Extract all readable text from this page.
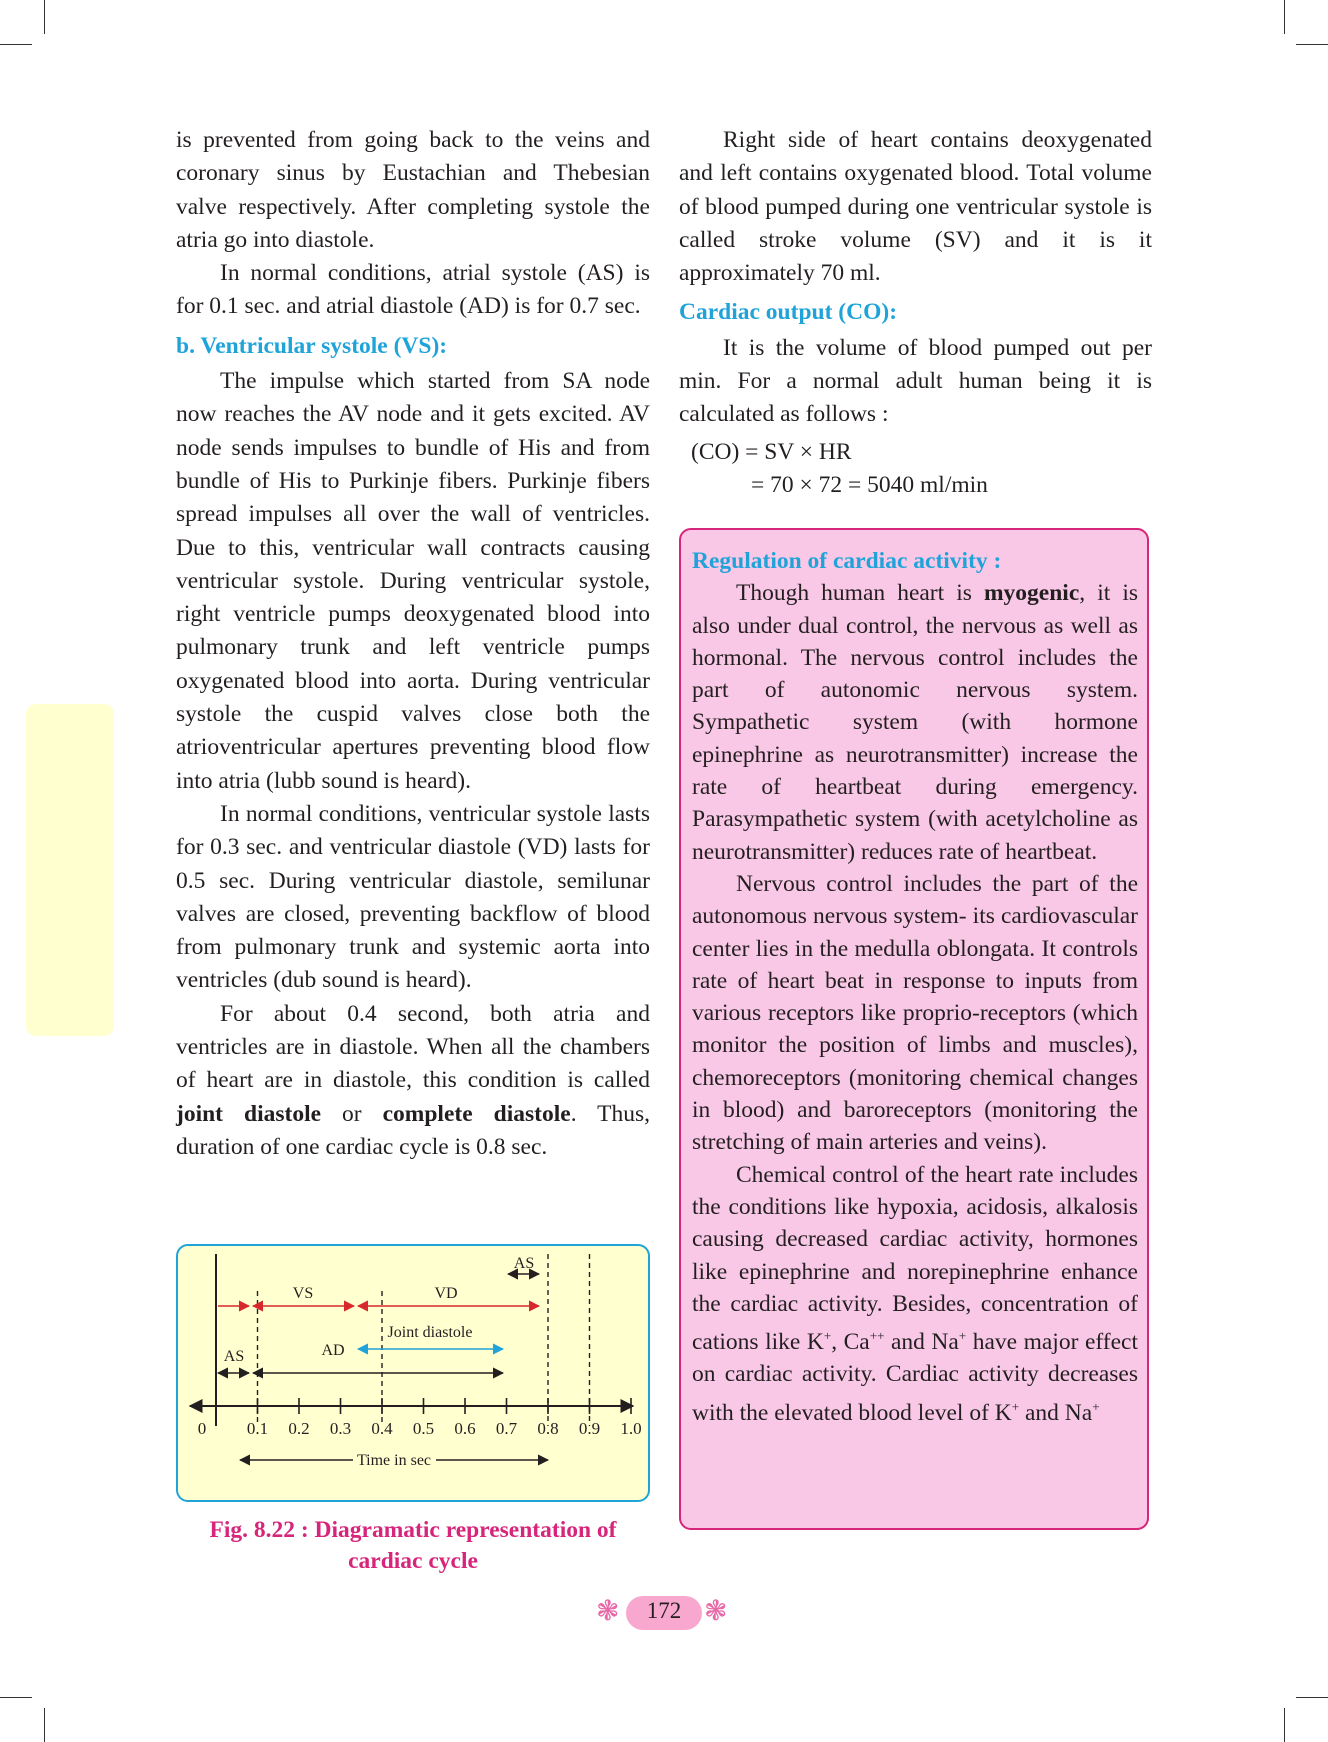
is prevented from going back to the veins and coronary sinus by Eustachian and Thebesian valve respectively. After completing systole the atria go into diastole.

In normal conditions, atrial systole (AS) is for 0.1 sec. and atrial diastole (AD) is for 0.7 sec.

b. Ventricular systole (VS):

The impulse which started from SA node now reaches the AV node and it gets excited. AV node sends impulses to bundle of His and from bundle of His to Purkinje fibers. Purkinje fibers spread impulses all over the wall of ventricles. Due to this, ventricular wall contracts causing ventricular systole. During ventricular systole, right ventricle pumps deoxygenated blood into pulmonary trunk and left ventricle pumps oxygenated blood into aorta. During ventricular systole the cuspid valves close both the atrioventricular apertures preventing blood flow into atria (lubb sound is heard).

In normal conditions, ventricular systole lasts for 0.3 sec. and ventricular diastole (VD) lasts for 0.5 sec. During ventricular diastole, semilunar valves are closed, preventing backflow of blood from pulmonary trunk and systemic aorta into ventricles (dub sound is heard).

For about 0.4 second, both atria and ventricles are in diastole. When all the chambers of heart are in diastole, this condition is called joint diastole or complete diastole. Thus, duration of one cardiac cycle is 0.8 sec.

AS
VS	VD
Joint diastole
AS	AD
0 0.1 0.2 0.3 0.4 0.5 0.6 0.7 0.8 0.9 1.0
Time in sec
Fig. 8.22 : Diagramatic representation of
cardiac cycle

Right side of heart contains deoxygenated and left contains oxygenated blood. Total volume of blood pumped during one ventricular systole is called stroke volume (SV) and it is it approximately 70 ml.

Cardiac output (CO):

It is the volume of blood pumped out per min. For a normal adult human being it is calculated as follows :

(CO) = SV × HR
= 70 × 72 = 5040 ml/min
Regulation of cardiac activity :

Though human heart is myogenic, it is also under dual control, the nervous as well as hormonal. The nervous control includes the part of autonomic nervous system. Sympathetic system (with hormone epinephrine as neurotransmitter) increase the rate of heartbeat during emergency. Parasympathetic system (with acetylcholine as neurotransmitter) reduces rate of heartbeat.

Nervous control includes the part of the autonomous nervous system- its cardiovascular center lies in the medulla oblongata. It controls rate of heart beat in response to inputs from various receptors like proprio-receptors (which monitor the position of limbs and muscles), chemoreceptors (monitoring chemical changes in blood) and baroreceptors (monitoring the stretching of main arteries and veins).

Chemical control of the heart rate includes the conditions like hypoxia, acidosis, alkalosis causing decreased cardiac activity, hormones like epinephrine and norepinephrine enhance the cardiac activity. Besides, concentration of cations like K+, Ca++ and Na+ have major effect on cardiac activity. Cardiac activity decreases with the elevated blood level of K+ and Na+

❃	172 ❃
